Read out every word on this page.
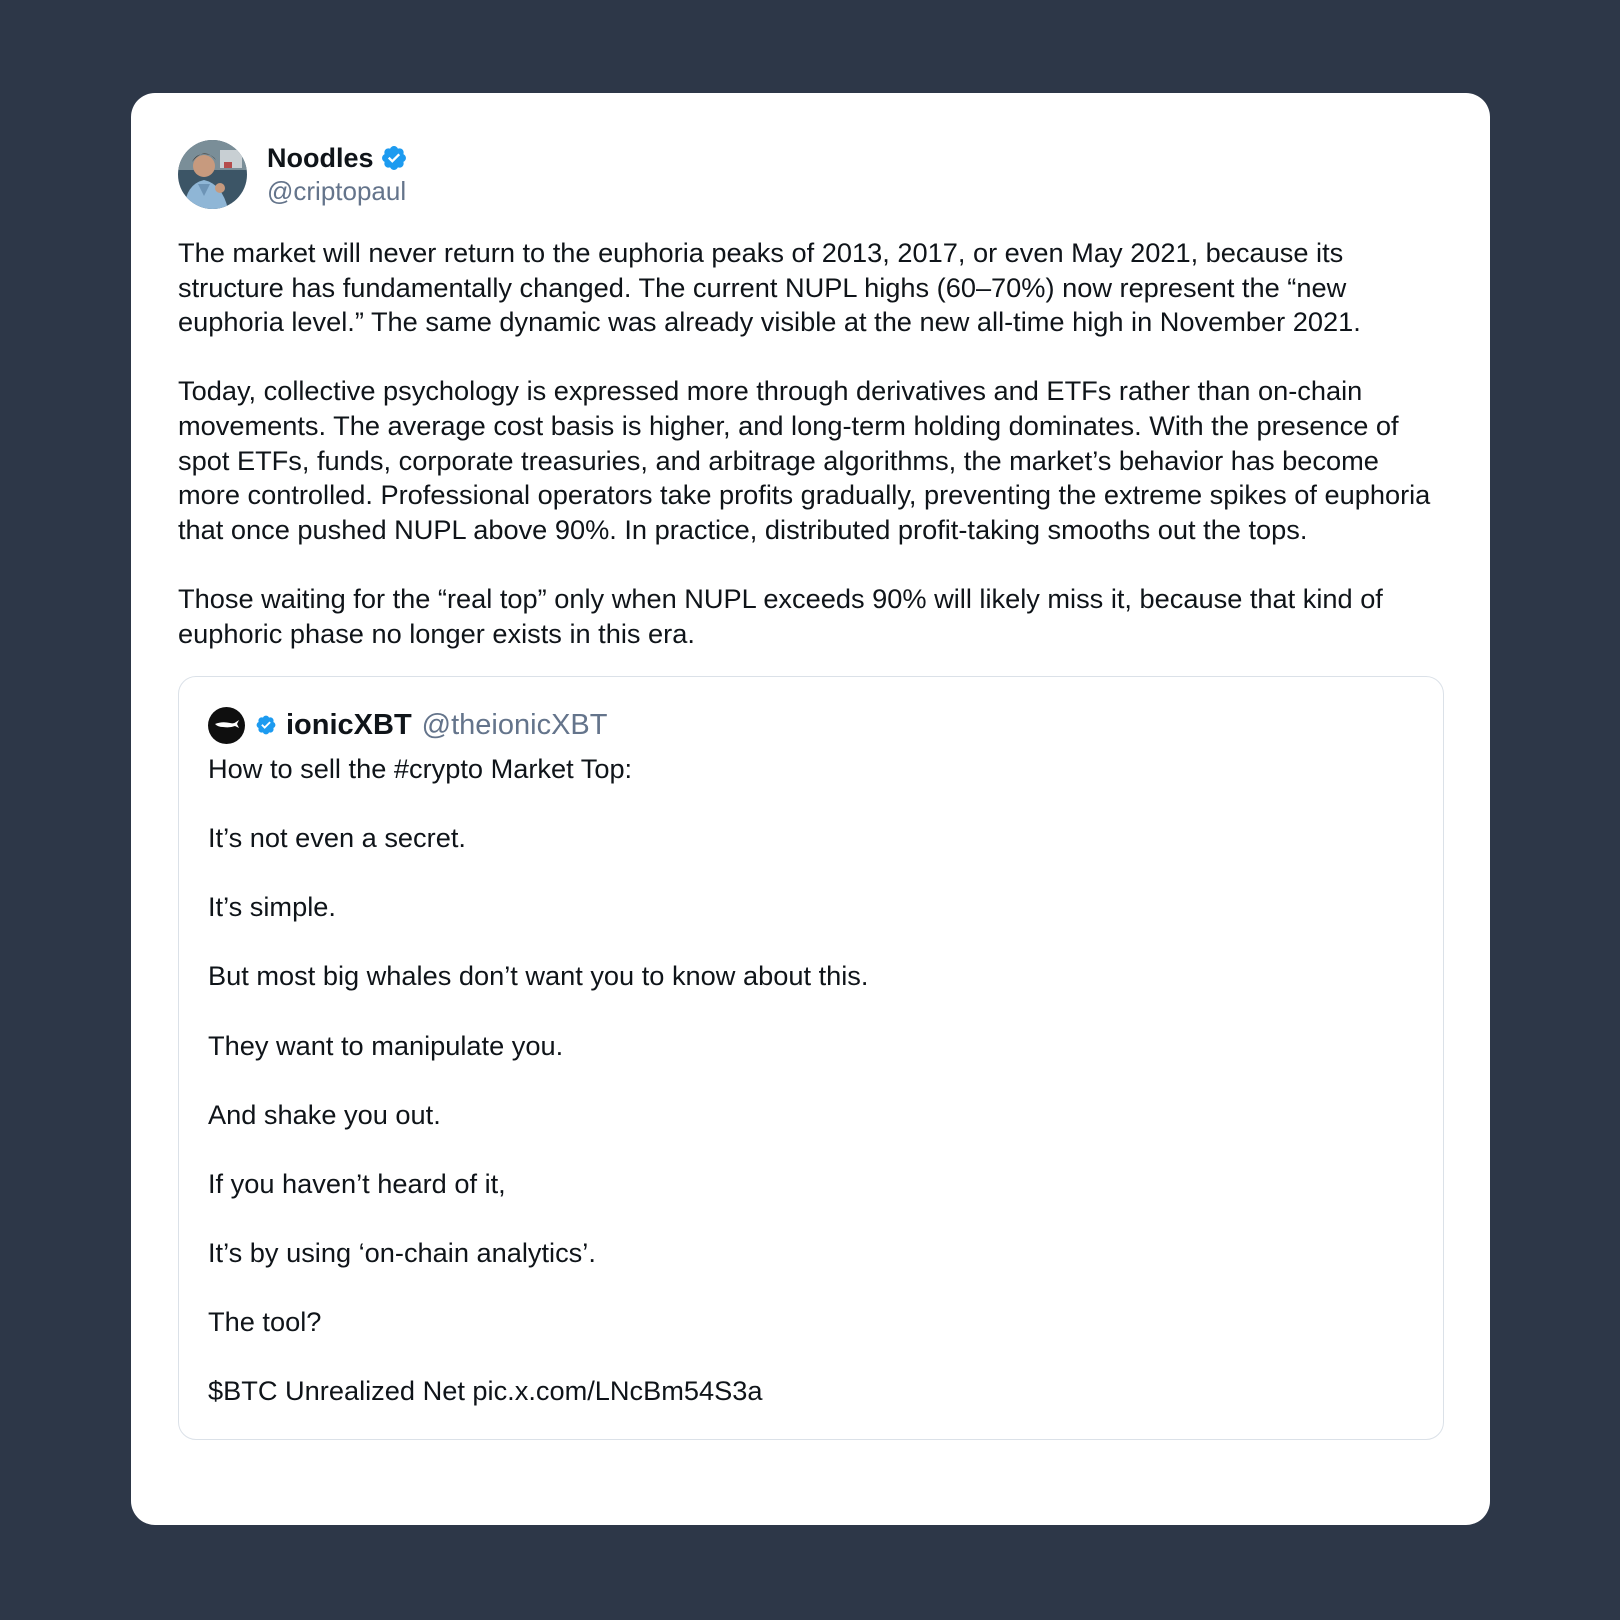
Noodles
@criptopaul

The market will never return to the euphoria peaks of 2013, 2017, or even May 2021, because its structure has fundamentally changed. The current NUPL highs (60–70%) now represent the “new euphoria level.” The same dynamic was already visible at the new all-time high in November 2021.

Today, collective psychology is expressed more through derivatives and ETFs rather than on-chain movements. The average cost basis is higher, and long-term holding dominates. With the presence of spot ETFs, funds, corporate treasuries, and arbitrage algorithms, the market’s behavior has become more controlled. Professional operators take profits gradually, preventing the extreme spikes of euphoria that once pushed NUPL above 90%. In practice, distributed profit-taking smooths out the tops.

Those waiting for the “real top” only when NUPL exceeds 90% will likely miss it, because that kind of euphoric phase no longer exists in this era.

ionicXBT @theionicXBT

How to sell the #crypto Market Top:

It’s not even a secret.

It’s simple.

But most big whales don’t want you to know about this.

They want to manipulate you.

And shake you out.

If you haven’t heard of it,

It’s by using ‘on-chain analytics’.

The tool?

$BTC Unrealized Net pic.x.com/LNcBm54S3a
